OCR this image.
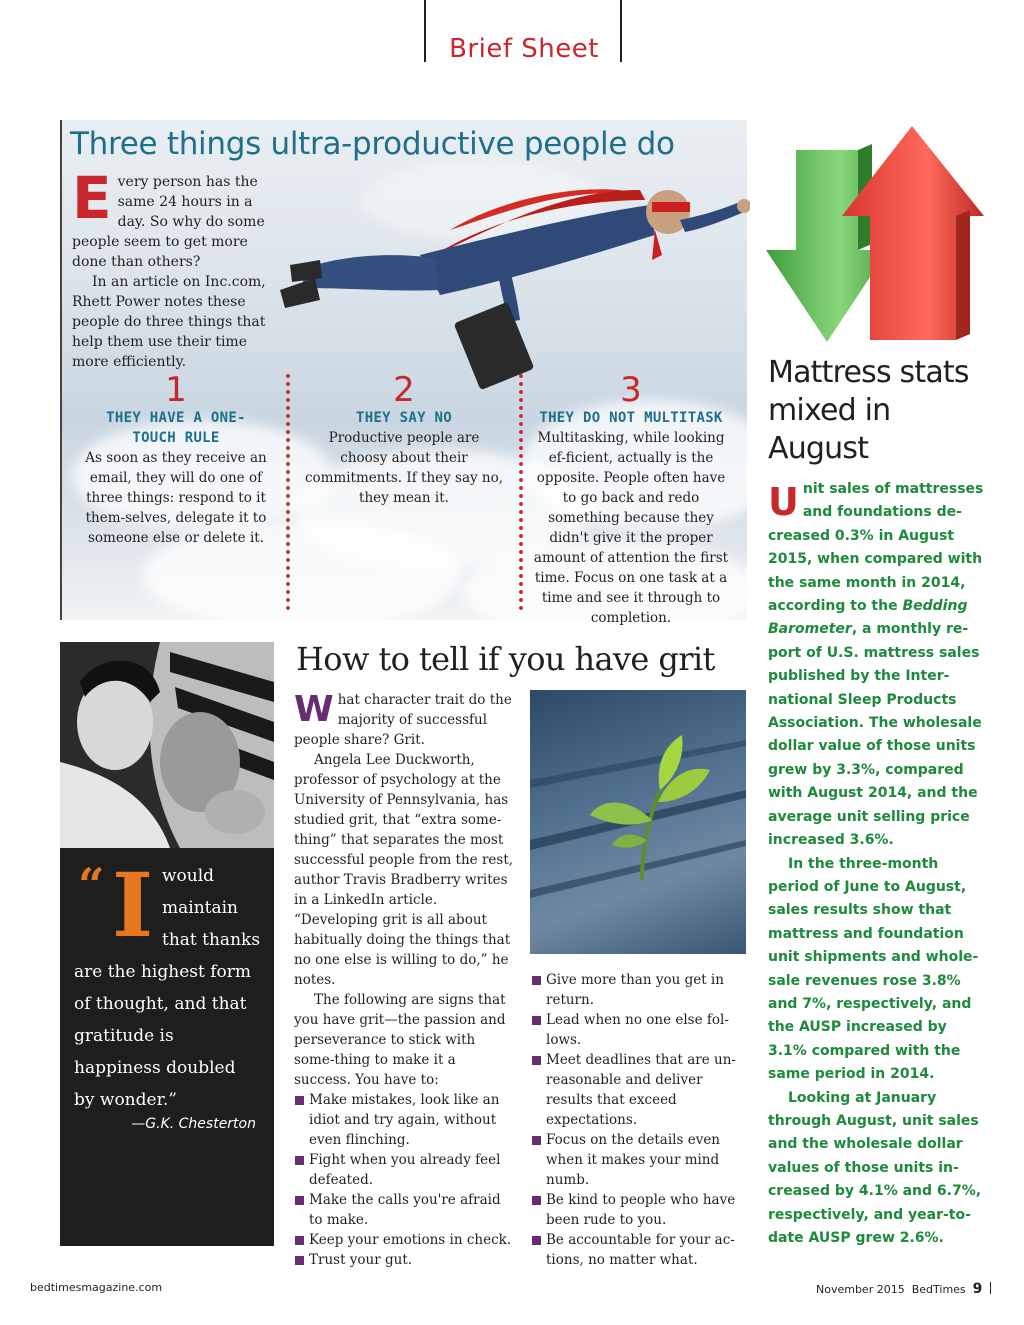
Brief Sheet
Three things ultra-productive people do
E very person has the same 24 hours in a day. So why do some people seem to get more done than others?

In an article on Inc.com, Rhett Power notes these people do three things that help them use their time more efficiently.

1
THEY HAVE A ONE-TOUCH RULE
As soon as they receive an email, they will do one of three things: respond to it them-selves, delegate it to someone else or delete it.
2
THEY SAY NO
Productive people are choosy about their commitments. If they say no, they mean it.
3
THEY DO NOT MULTITASK
Multitasking, while looking ef-ficient, actually is the opposite. People often have to go back and redo something because they didn't give it the proper amount of attention the first time. Focus on one task at a time and see it through to completion.
“ I would
maintain
that thanks
are the highest form
of thought, and that
gratitude is
happiness doubled
by wonder.”
—G.K. Chesterton
How to tell if you have grit
W hat character trait do the majority of successful people share? Grit.

Angela Lee Duckworth, professor of psychology at the University of Pennsylvania, has studied grit, that “extra some-thing” that separates the most successful people from the rest, author Travis Bradberry writes in a LinkedIn article. “Developing grit is all about habitually doing the things that no one else is willing to do,” he notes.

The following are signs that you have grit—the passion and perseverance to stick with some-thing to make it a success. You have to:

Make mistakes, look like an idiot and try again, without even flinching.
Fight when you already feel defeated.
Make the calls you're afraid to make.
Keep your emotions in check.
Trust your gut.
Give more than you get in return.
Lead when no one else fol-lows.
Meet deadlines that are un-reasonable and deliver results that exceed expectations.
Focus on the details even when it makes your mind numb.
Be kind to people who have been rude to you.
Be accountable for your ac-tions, no matter what.
Mattress stats mixed in August
U nit sales of mattresses and foundations de-creased 0.3% in August 2015, when compared with the same month in 2014, according to the Bedding Barometer, a monthly re-port of U.S. mattress sales published by the Inter-national Sleep Products Association. The wholesale dollar value of those units grew by 3.3%, compared with August 2014, and the average unit selling price increased 3.6%.

In the three-month period of June to August, sales results show that mattress and foundation unit shipments and whole-sale revenues rose 3.8% and 7%, respectively, and the AUSP increased by 3.1% compared with the same period in 2014.

Looking at January through August, unit sales and the wholesale dollar values of those units in-creased by 4.1% and 6.7%, respectively, and year-to-date AUSP grew 2.6%.

bedtimesmagazine.com	November 2015  BedTimes 9
